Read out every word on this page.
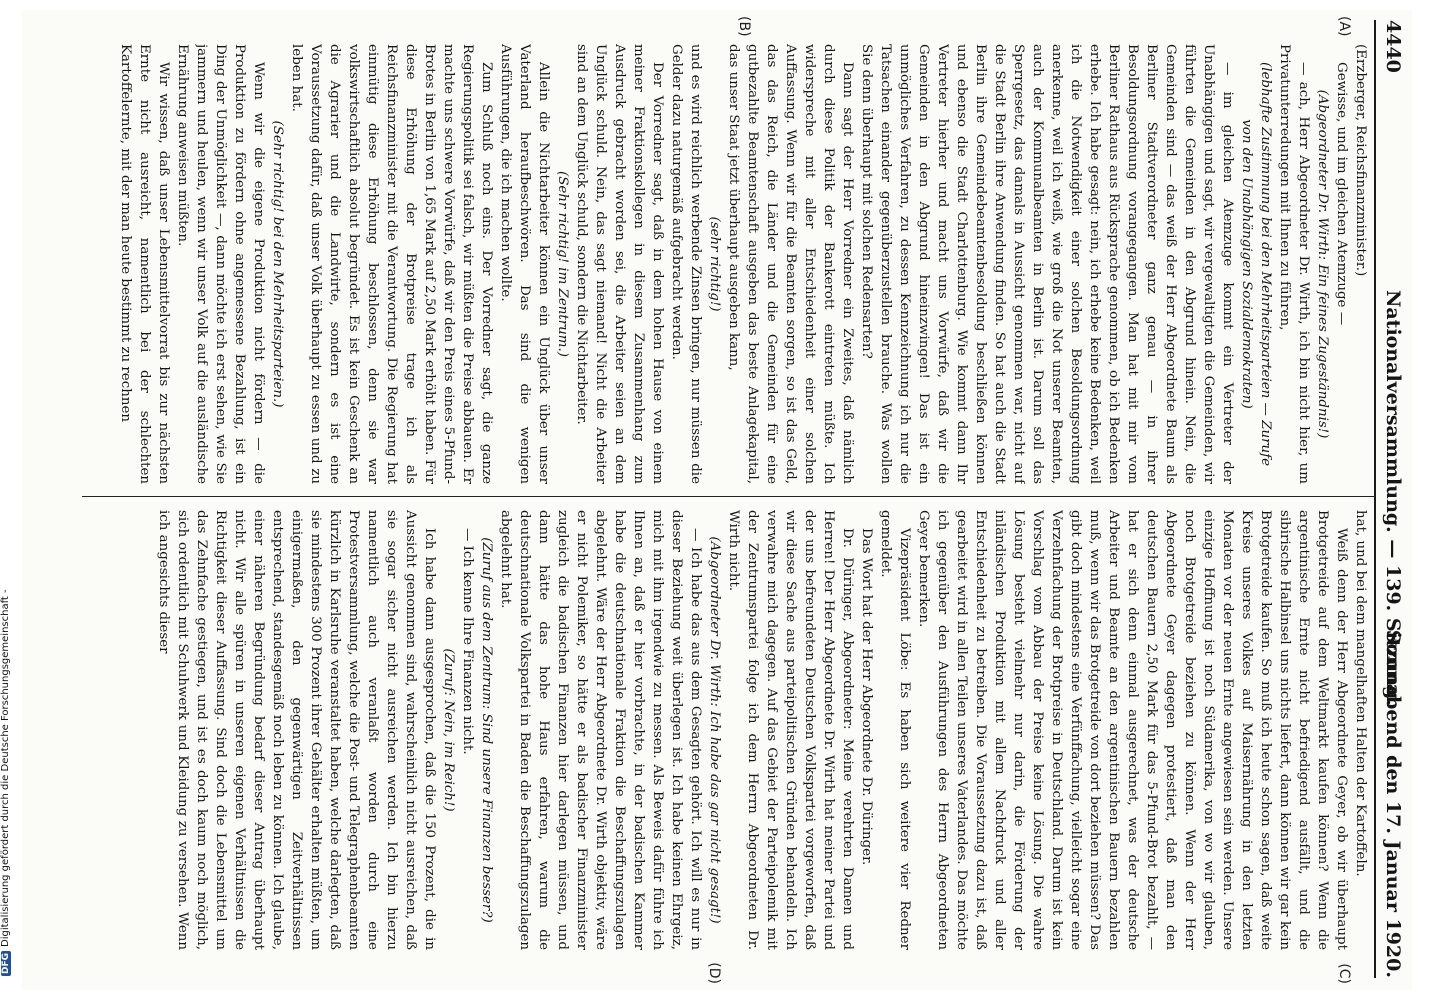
4440
Nationalversammlung. — 139. Sitzung.
Sonnabend den 17. Januar 1920.
(A)
(B)
(C)
(D)

(Erzberger, Reichsfinanzminister.)

Gewisse, und im gleichen Atemzuge —

(Abgeordneter Dr. Wirth: Ein feines Zugeständnis!)

— ach, Herr Abgeordneter Dr. Wirth, ich bin nicht hier, um Privatunterredungen mit Ihnen zu führen,

(lebhafte Zustimmung bei den Mehrheitsparteien — Zurufe von den Unabhängigen Sozialdemokraten)

— im gleichen Atemzuge kommt ein Vertreter der Unabhängigen und sagt, wir vergewaltigten die Gemeinden, wir führten die Gemeinden in den Abgrund hinein. Nein, die Gemeinden sind — das weiß der Herr Abgeordnete Baum als Berliner Stadtverordneter ganz genau — in ihrer Besoldungsordnung vorangegangen. Man hat mit mir vom Berliner Rathaus aus Rücksprache genommen, ob ich Bedenken erhebe. Ich habe gesagt: nein, ich erhebe keine Bedenken, weil ich die Notwendigkeit einer solchen Besoldungsordnung anerkenne, weil ich weiß, wie groß die Not unserer Beamten, auch der Kommunalbeamten in Berlin ist. Darum soll das Sperrgesetz, das damals in Aussicht genommen war, nicht auf die Stadt Berlin ihre Anwendung finden. So hat auch die Stadt Berlin ihre Gemeindebeamtenbesoldung beschließen können und ebenso die Stadt Charlottenburg. Wie kommt dann Ihr Vertreter hierher und macht uns Vorwürfe, daß wir die Gemeinden in den Abgrund hineinzwingen! Das ist ein unmögliches Verfahren, zu dessen Kennzeichnung ich nur die Tatsachen einander gegenüberzustellen brauche. Was wollen Sie denn überhaupt mit solchen Redensarten?

Dann sagt der Herr Vorredner ein Zweites, daß nämlich durch diese Politik der Bankerott eintreten müßte. Ich widerspreche mit aller Entschiedenheit einer solchen Auffassung. Wenn wir für die Beamten sorgen, so ist das Geld, das das Reich, die Länder und die Gemeinden für eine gutbezahlte Beamtenschaft ausgeben das beste Anlagekapital, das unser Staat jetzt überhaupt ausgeben kann,

(sehr richtig!)

und es wird reichlich werbende Zinsen bringen, nur müssen die Gelder dazu naturgemäß aufgebracht werden.

Der Vorredner sagt, daß in dem hohen Hause von einem meiner Fraktionskollegen in diesem Zusammenhang zum Ausdruck gebracht worden sei, die Arbeiter seien an dem Unglück schuld. Nein, das sagt niemand! Nicht die Arbeiter sind an dem Unglück schuld, sondern die Nichtarbeiter.

(Sehr richtig! im Zentrum.)

Allein die Nichtarbeiter können ein Unglück über unser Vaterland heraufbeschwören. Das sind die wenigen Ausführungen, die ich machen wollte.

Zum Schluß noch eins. Der Vorredner sagt, die ganze Regierungspolitik sei falsch, wir müßten die Preise abbauen. Er machte uns schwere Vorwürfe, daß wir den Preis eines 5-Pfund-Brotes in Berlin von 1,65 Mark auf 2,50 Mark erhöht haben. Für diese Erhöhung der Brotpreise trage ich als Reichsfinanzminister mit die Verantwortung. Die Regierung hat einmütig diese Erhöhung beschlossen, denn sie war volkswirtschaftlich absolut begründet. Es ist kein Geschenk an die Agrarier und die Landwirte, sondern es ist eine Voraussetzung dafür, daß unser Volk überhaupt zu essen und zu leben hat.

(Sehr richtig! bei den Mehrheitsparteien.)

Wenn wir die eigene Produktion nicht fördern — die Produktion zu fördern ohne angemessene Bezahlung, ist ein Ding der Unmöglichkeit —, dann möchte ich erst sehen, wie Sie jammern und heulen, wenn wir unser Volk auf die ausländische Ernährung anweisen müßten.

Wir wissen, daß unser Lebensmittelvorrat bis zur nächsten Ernte nicht ausreicht, namentlich bei der schlechten Kartoffelernte, mit der man heute bestimmt zu rechnen

hat, und bei dem mangelhaften Halten der Kartoffeln.

Weiß denn der Herr Abgeordnete Geyer, ob wir überhaupt Brotgetreide auf dem Weltmarkt kaufen können? Wenn die argentinische Ernte nicht befriedigend ausfällt, und die sibirische Halbinsel uns nichts liefert, dann können wir gar kein Brotgetreide kaufen. So muß ich heute schon sagen, daß weite Kreise unseres Volkes auf Maisernährung in den letzten Monaten vor der neuen Ernte angewiesen sein werden. Unsere einzige Hoffnung ist noch Südamerika, von wo wir glauben, noch Brotgetreide beziehen zu können. Wenn der Herr Abgeordnete Geyer dagegen protestiert, daß man den deutschen Bauern 2,50 Mark für das 5-Pfund-Brot bezahlt, — hat er sich denn einmal ausgerechnet, was der deutsche Arbeiter und Beamte an den argentinischen Bauern bezahlen muß, wenn wir das Brotgetreide von dort beziehen müssen? Das gibt doch mindestens eine Verfünffachung, vielleicht sogar eine Verzehnfachung der Brotpreise in Deutschland. Darum ist kein Vorschlag vom Abbau der Preise keine Lösung. Die wahre Lösung besteht vielmehr nur darin, die Förderung der inländischen Produktion mit allem Nachdruck und aller Entschiedenheit zu betreiben. Die Voraussetzung dazu ist, daß gearbeitet wird in allen Teilen unseres Vaterlandes. Das möchte ich gegenüber den Ausführungen des Herrn Abgeordneten Geyer bemerken.

Vizepräsident Löbe: Es haben sich weitere vier Redner gemeldet.

Das Wort hat der Herr Abgeordnete Dr. Düringer.

Dr. Düringer, Abgeordneter: Meine verehrten Damen und Herren! Der Herr Abgeordnete Dr. Wirth hat meiner Partei und der uns befreundeten Deutschen Volkspartei vorgeworfen, daß wir diese Sache aus parteipolitischen Gründen behandeln. Ich verwahre mich dagegen. Auf das Gebiet der Parteipolemik mit der Zentrumspartei folge ich dem Herrn Abgeordneten Dr. Wirth nicht.

(Abgeordneter Dr. Wirth: Ich habe das gar nicht gesagt!)

— Ich habe das aus dem Gesagten gehört. Ich will es nur in dieser Beziehung weit überlegen ist. Ich habe keinen Ehrgeiz, mich mit ihm irgendwie zu messen. Als Beweis dafür führe ich Ihnen an, daß er hier vorbrachte, in der badischen Kammer habe die deutschnationale Fraktion die Beschaffungszulagen abgelehnt. Wäre der Herr Abgeordnete Dr. Wirth objektiv, wäre er nicht Polemiker, so hätte er als badischer Finanzminister zugleich die badischen Finanzen hier darlegen müssen, und dann hätte das hohe Haus erfahren, warum die deutschnationale Volkspartei in Baden die Beschaffungszulagen abgelehnt hat.

(Zuruf aus dem Zentrum: Sind unsere Finanzen besser?)

— Ich kenne Ihre Finanzen nicht.

(Zuruf: Nein, im Reich!)

Ich habe dann ausgesprochen, daß die 150 Prozent, die in Aussicht genommen sind, wahrscheinlich nicht ausreichen, daß sie sogar sicher nicht ausreichen werden. Ich bin hierzu namentlich auch veranlaßt worden durch eine Protestversammlung, welche die Post- und Telegraphenbeamten kürzlich in Karlsruhe veranstaltet haben, welche darlegten, daß sie mindestens 300 Prozent ihrer Gehälter erhalten müßten, um einigermaßen, den gegenwärtigen Zeitverhältnissen entsprechend, standesgemäß noch leben zu können. Ich glaube, einer näheren Begründung bedarf dieser Antrag überhaupt nicht. Wir alle spüren in unseren eigenen Verhältnissen die Richtigkeit dieser Auffassung. Sind doch die Lebensmittel um das Zehnfache gestiegen, und ist es doch kaum noch möglich, sich ordentlich mit Schuhwerk und Kleidung zu versehen. Wenn ich angesichts dieser

DFGDigitalisierung gefördert durch die Deutsche Forschungsgemeinschaft -
